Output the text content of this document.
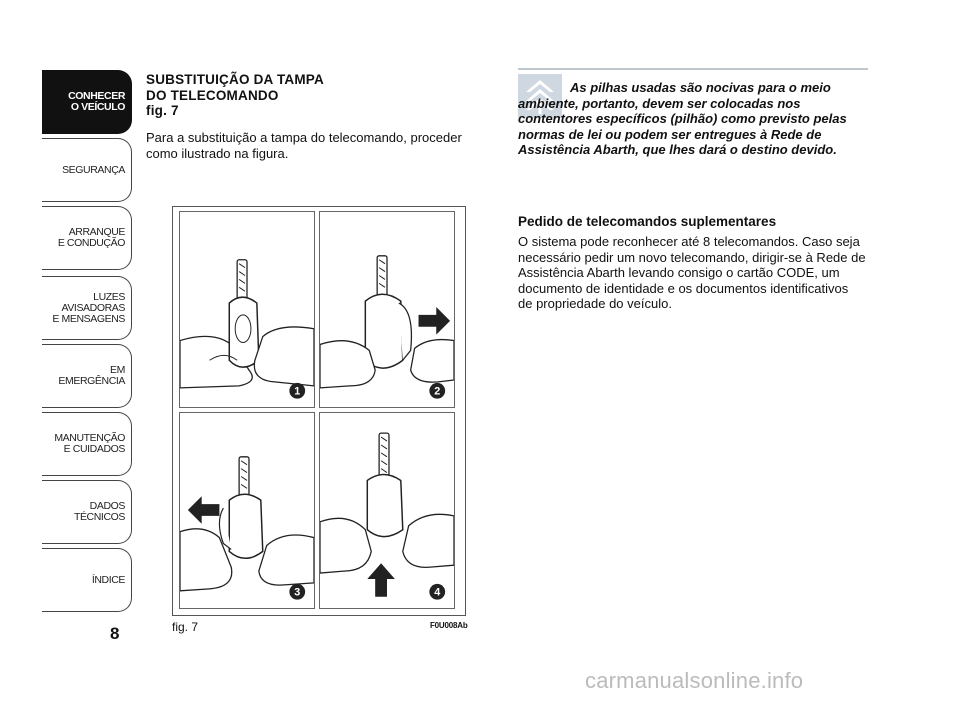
CONHECER
O VEÍCULO
SEGURANÇA
ARRANQUE
E CONDUÇÃO
LUZES
AVISADORAS
E MENSAGENS
EM EMERGÊNCIA
MANUTENÇÃO
E CUIDADOS
DADOS
TÉCNICOS
ÍNDICE
8
SUBSTITUIÇÃO DA TAMPA
DO TELECOMANDO
fig. 7
Para a substituição a tampa do telecomando, proceder como ilustrado na figura.
1	2
3	4
fig. 7	F0U008Ab
As pilhas usadas são nocivas para o meio ambiente, portanto, devem ser colocadas nos contentores específicos (pilhão) como previsto pelas normas de lei ou podem ser entregues à Rede de Assistência Abarth, que lhes dará o destino devido.
Pedido de telecomandos suplementares
O sistema pode reconhecer até 8 telecomandos. Caso seja necessário pedir um novo telecomando, dirigir-se à Rede de Assistência Abarth levando consigo o cartão CODE, um documento de identidade e os documentos identificativos de propriedade do veículo.
carmanualsonline.info
